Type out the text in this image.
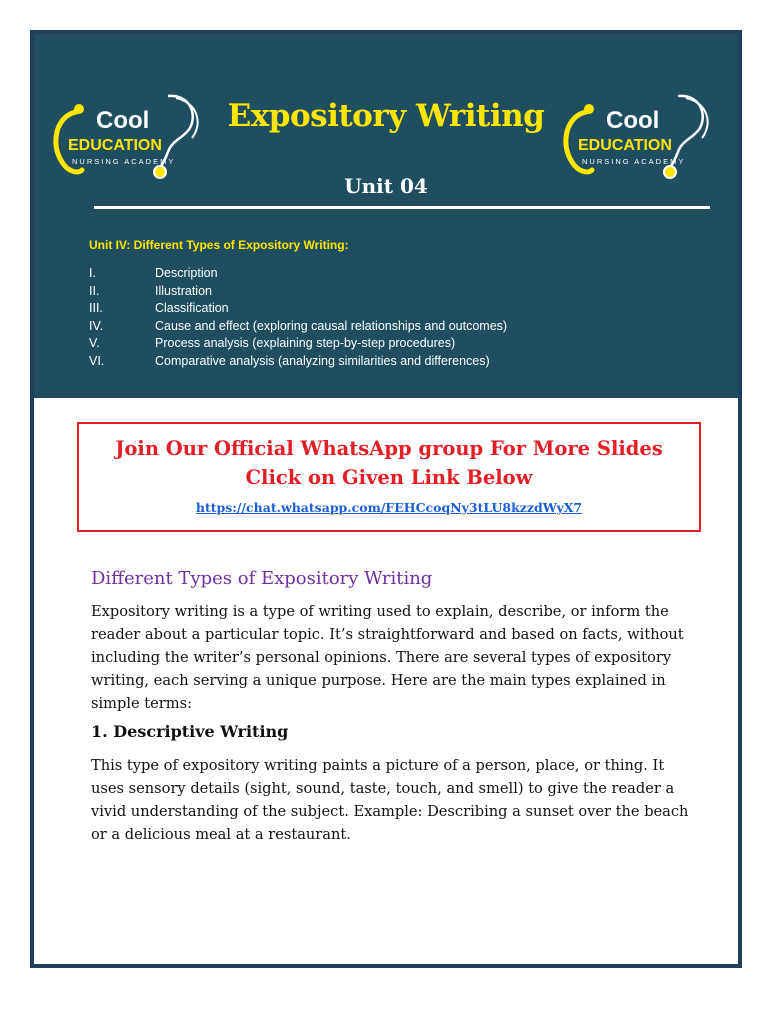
Cool
EDUCATION
NURSING ACADEMY
Expository Writing	Cool
EDUCATION
NURSING ACADEMY
Unit 04
Unit IV: Different Types of Expository Writing:
I.	Description
II.	Illustration
III.	Classification
IV.	Cause and effect (exploring causal relationships and outcomes)
V.	Process analysis (explaining step-by-step procedures)
VI.	Comparative analysis (analyzing similarities and differences)
Join Our Official WhatsApp group For More Slides
Click on Given Link Below
https://chat.whatsapp.com/FEHCcoqNy3tLU8kzzdWyX7
Different Types of Expository Writing

Expository writing is a type of writing used to explain, describe, or inform the reader about a particular topic. It’s straightforward and based on facts, without including the writer’s personal opinions. There are several types of expository writing, each serving a unique purpose. Here are the main types explained in simple terms:

1. Descriptive Writing

This type of expository writing paints a picture of a person, place, or thing. It uses sensory details (sight, sound, taste, touch, and smell) to give the reader a vivid understanding of the subject. Example: Describing a sunset over the beach or a delicious meal at a restaurant.
